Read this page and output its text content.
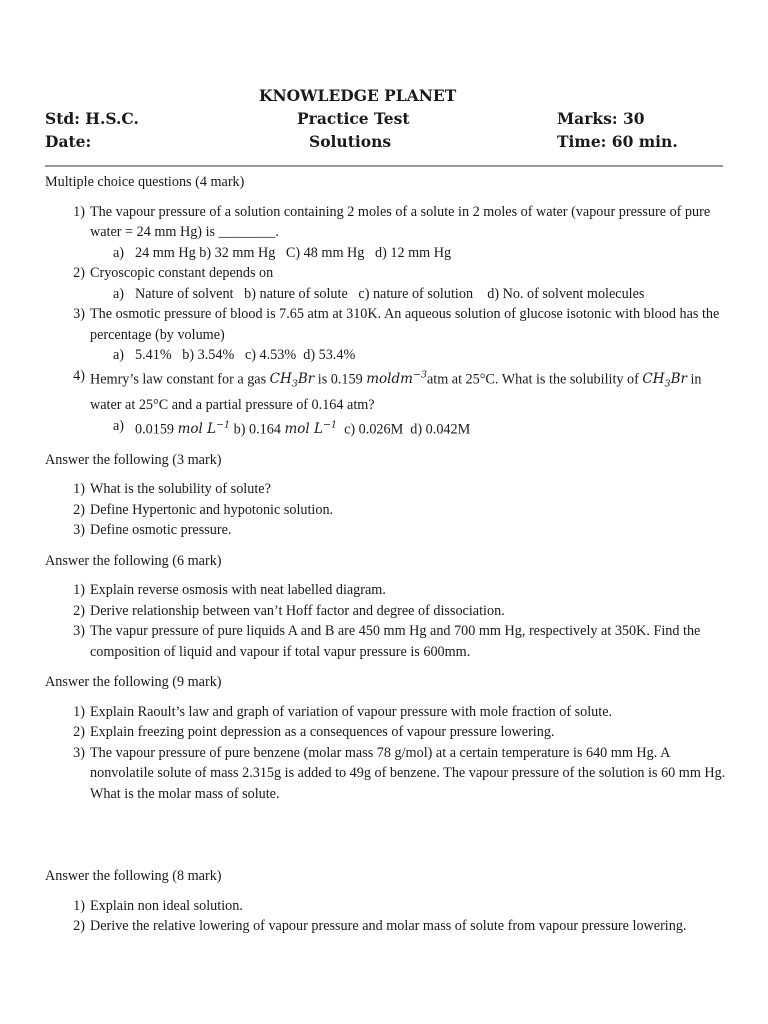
KNOWLEDGE PLANET
Std: H.S.C.	Practice Test	Marks: 30
Date:	Solutions	Time: 60 min.

Multiple choice questions (4 mark)

1) The vapour pressure of a solution containing 2 moles of a solute in 2 moles of water (vapour pressure of pure water = 24 mm Hg) is ________.
a) 24 mm Hg b) 32 mm Hg   C) 48 mm Hg   d) 12 mm Hg
2) Cryoscopic constant depends on
a) Nature of solvent   b) nature of solute   c) nature of solution    d) No. of solvent molecules
3) The osmotic pressure of blood is 7.65 atm at 310K. An aqueous solution of glucose isotonic with blood has the percentage (by volume)
a) 5.41%   b) 3.54%   c) 4.53%  d) 53.4%
4) Hemry’s law constant for a gas $CH_3Br$ is 0.159 moldm$^{-3}$atm at 25°C. What is the solubility of $CH_3Br$ in water at 25°C and a partial pressure of 0.164 atm?
a) 0.0159 mol $L^{-1}$ b) 0.164 mol $L^{-1}$  c) 0.026M  d) 0.042M

Answer the following (3 mark)

1) What is the solubility of solute?
2) Define Hypertonic and hypotonic solution.
3) Define osmotic pressure.

Answer the following (6 mark)

1) Explain reverse osmosis with neat labelled diagram.
2) Derive relationship between van’t Hoff factor and degree of dissociation.
3) The vapur pressure of pure liquids A and B are 450 mm Hg and 700 mm Hg, respectively at 350K. Find the composition of liquid and vapour if total vapur pressure is 600mm.

Answer the following (9 mark)

1) Explain Raoult’s law and graph of variation of vapour pressure with mole fraction of solute.
2) Explain freezing point depression as a consequences of vapour pressure lowering.
3) The vapour pressure of pure benzene (molar mass 78 g/mol) at a certain temperature is 640 mm Hg. A nonvolatile solute of mass 2.315g is added to 49g of benzene. The vapour pressure of the solution is 60 mm Hg. What is the molar mass of solute.

Answer the following (8 mark)

1) Explain non ideal solution.
2) Derive the relative lowering of vapour pressure and molar mass of solute from vapour pressure lowering.
